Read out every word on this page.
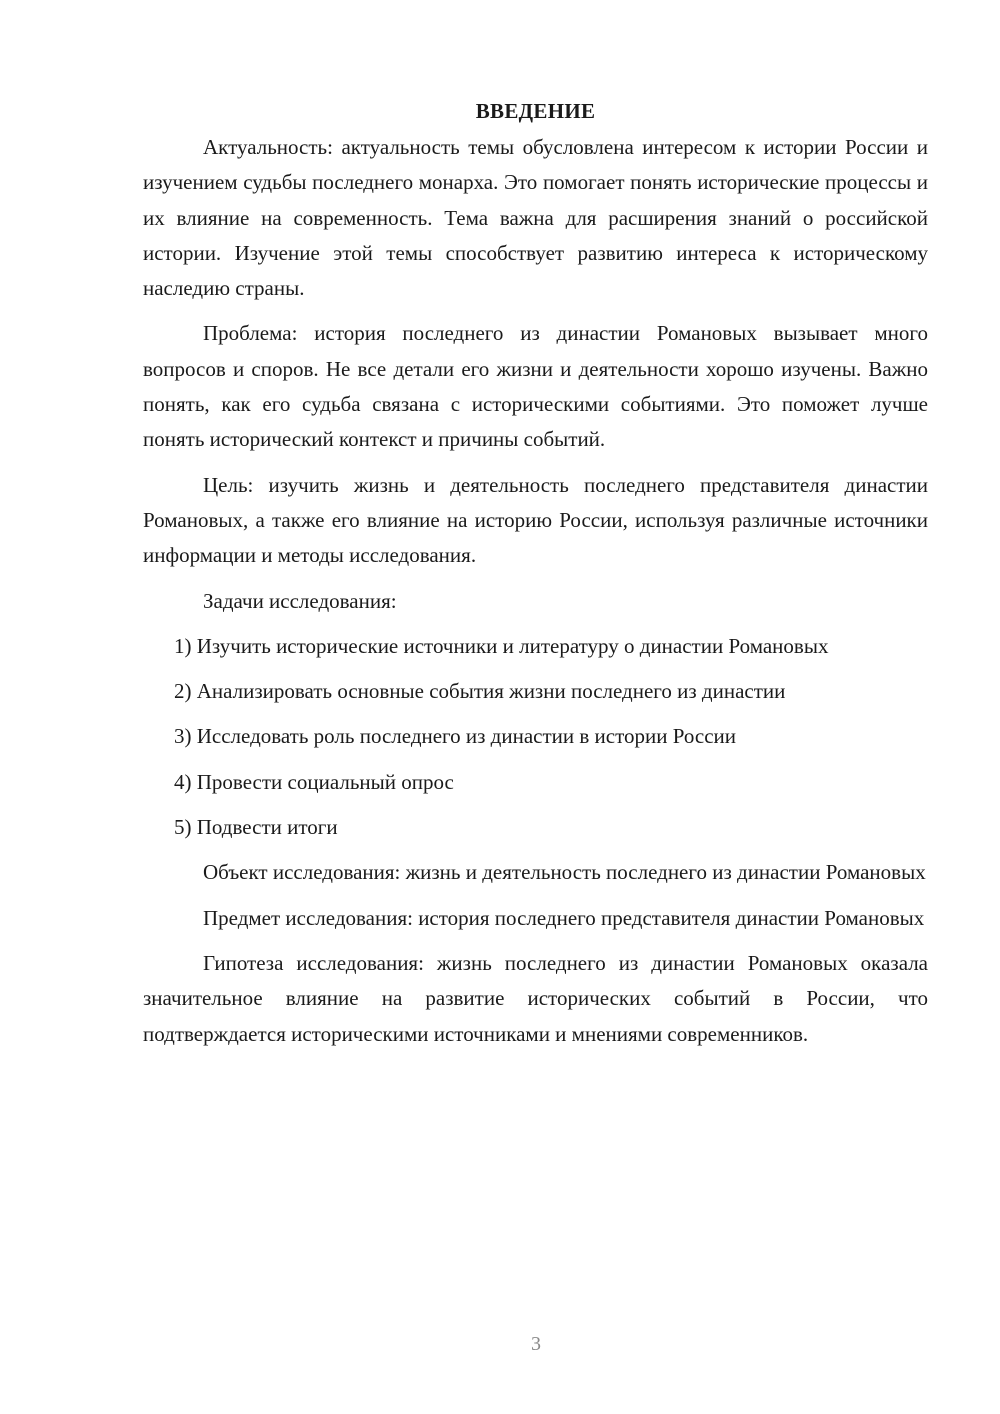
ВВЕДЕНИЕ

Актуальность: актуальность темы обусловлена интересом к истории России и изучением судьбы последнего монарха. Это помогает понять исторические процессы и их влияние на современность. Тема важна для расширения знаний о российской истории. Изучение этой темы способствует развитию интереса к историческому наследию страны.

Проблема: история последнего из династии Романовых вызывает много вопросов и споров. Не все детали его жизни и деятельности хорошо изучены. Важно понять, как его судьба связана с историческими событиями. Это поможет лучше понять исторический контекст и причины событий.

Цель: изучить жизнь и деятельность последнего представителя династии Романовых, а также его влияние на историю России, используя различные источники информации и методы исследования.

Задачи исследования:

1) Изучить исторические источники и литературу о династии Романовых

2) Анализировать основные события жизни последнего из династии

3) Исследовать роль последнего из династии в истории России

4) Провести социальный опрос

5) Подвести итоги

Объект исследования: жизнь и деятельность последнего из династии Романовых

Предмет исследования: история последнего представителя династии Романовых

Гипотеза исследования: жизнь последнего из династии Романовых оказала значительное влияние на развитие исторических событий в России, что подтверждается историческими источниками и мнениями современников.

3
